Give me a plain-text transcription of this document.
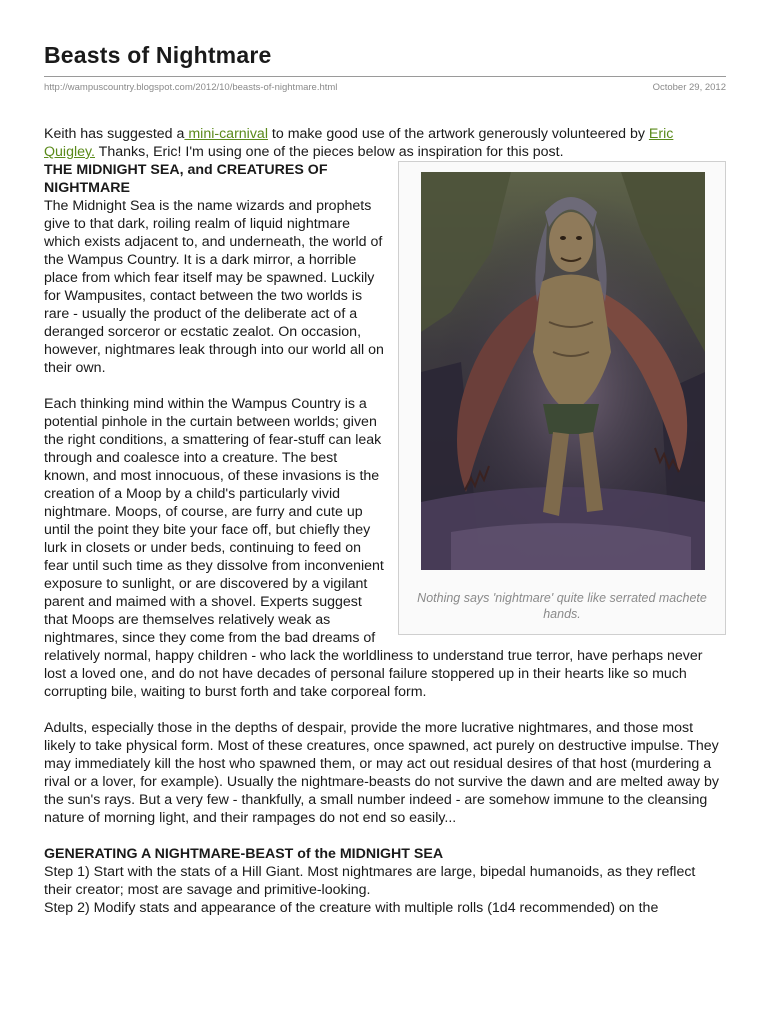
Beasts of Nightmare
http://wampuscountry.blogspot.com/2012/10/beasts-of-nightmare.html	October 29, 2012

Keith has suggested a mini-carnival to make good use of the artwork generously volunteered by Eric Quigley. Thanks, Eric! I'm using one of the pieces below as inspiration for this post.

Nothing says 'nightmare' quite like serrated machete hands.

THE MIDNIGHT SEA, and CREATURES OF NIGHTMARE

The Midnight Sea is the name wizards and prophets give to that dark, roiling realm of liquid nightmare which exists adjacent to, and underneath, the world of the Wampus Country. It is a dark mirror, a horrible place from which fear itself may be spawned. Luckily for Wampusites, contact between the two worlds is rare - usually the product of the deliberate act of a deranged sorceror or ecstatic zealot. On occasion, however, nightmares leak through into our world all on their own.

Each thinking mind within the Wampus Country is a potential pinhole in the curtain between worlds; given the right conditions, a smattering of fear-stuff can leak through and coalesce into a creature. The best known, and most innocuous, of these invasions is the creation of a Moop by a child's particularly vivid nightmare. Moops, of course, are furry and cute up until the point they bite your face off, but chiefly they lurk in closets or under beds, continuing to feed on fear until such time as they dissolve from inconvenient exposure to sunlight, or are discovered by a vigilant parent and maimed with a shovel. Experts suggest that Moops are themselves relatively weak as nightmares, since they come from the bad dreams of relatively normal, happy children - who lack the worldliness to understand true terror, have perhaps never lost a loved one, and do not have decades of personal failure stoppered up in their hearts like so much corrupting bile, waiting to burst forth and take corporeal form.

Adults, especially those in the depths of despair, provide the more lucrative nightmares, and those most likely to take physical form. Most of these creatures, once spawned, act purely on destructive impulse. They may immediately kill the host who spawned them, or may act out residual desires of that host (murdering a rival or a lover, for example). Usually the nightmare-beasts do not survive the dawn and are melted away by the sun's rays. But a very few - thankfully, a small number indeed - are somehow immune to the cleansing nature of morning light, and their rampages do not end so easily...

GENERATING A NIGHTMARE-BEAST of the MIDNIGHT SEA

Step 1) Start with the stats of a Hill Giant. Most nightmares are large, bipedal humanoids, as they reflect their creator; most are savage and primitive-looking.

Step 2) Modify stats and appearance of the creature with multiple rolls (1d4 recommended) on the
